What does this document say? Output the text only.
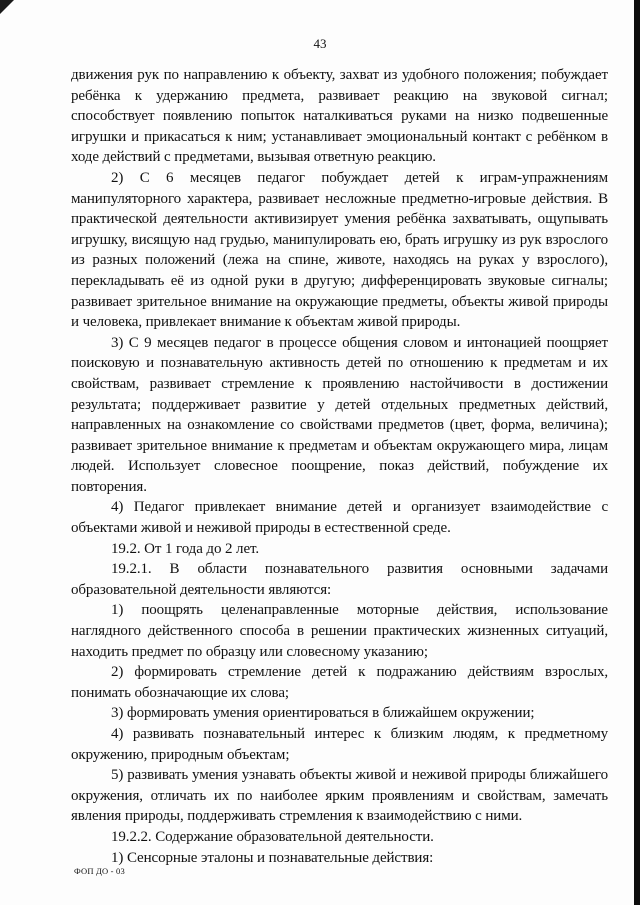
43

движения рук по направлению к объекту, захват из удобного положения; побуждает ребёнка к удержанию предмета, развивает реакцию на звуковой сигнал; способствует появлению попыток наталкиваться руками на низко подвешенные игрушки и прикасаться к ним; устанавливает эмоциональный контакт с ребёнком в ходе действий с предметами, вызывая ответную реакцию.

2) С 6 месяцев педагог побуждает детей к играм-упражнениям манипуляторного характера, развивает несложные предметно-игровые действия. В практической деятельности активизирует умения ребёнка захватывать, ощупывать игрушку, висящую над грудью, манипулировать ею, брать игрушку из рук взрослого из разных положений (лежа на спине, животе, находясь на руках у взрослого), перекладывать её из одной руки в другую; дифференцировать звуковые сигналы; развивает зрительное внимание на окружающие предметы, объекты живой природы и человека, привлекает внимание к объектам живой природы.

3) С 9 месяцев педагог в процессе общения словом и интонацией поощряет поисковую и познавательную активность детей по отношению к предметам и их свойствам, развивает стремление к проявлению настойчивости в достижении результата; поддерживает развитие у детей отдельных предметных действий, направленных на ознакомление со свойствами предметов (цвет, форма, величина); развивает зрительное внимание к предметам и объектам окружающего мира, лицам людей. Использует словесное поощрение, показ действий, побуждение их повторения.

4) Педагог привлекает внимание детей и организует взаимодействие с объектами живой и неживой природы в естественной среде.

19.2. От 1 года до 2 лет.

19.2.1. В области познавательного развития основными задачами образовательной деятельности являются:

1) поощрять целенаправленные моторные действия, использование наглядного действенного способа в решении практических жизненных ситуаций, находить предмет по образцу или словесному указанию;

2) формировать стремление детей к подражанию действиям взрослых, понимать обозначающие их слова;

3) формировать умения ориентироваться в ближайшем окружении;

4) развивать познавательный интерес к близким людям, к предметному окружению, природным объектам;

5) развивать умения узнавать объекты живой и неживой природы ближайшего окружения, отличать их по наиболее ярким проявлениям и свойствам, замечать явления природы, поддерживать стремления к взаимодействию с ними.

19.2.2. Содержание образовательной деятельности.

1) Сенсорные эталоны и познавательные действия:

ФОП ДО - 03
